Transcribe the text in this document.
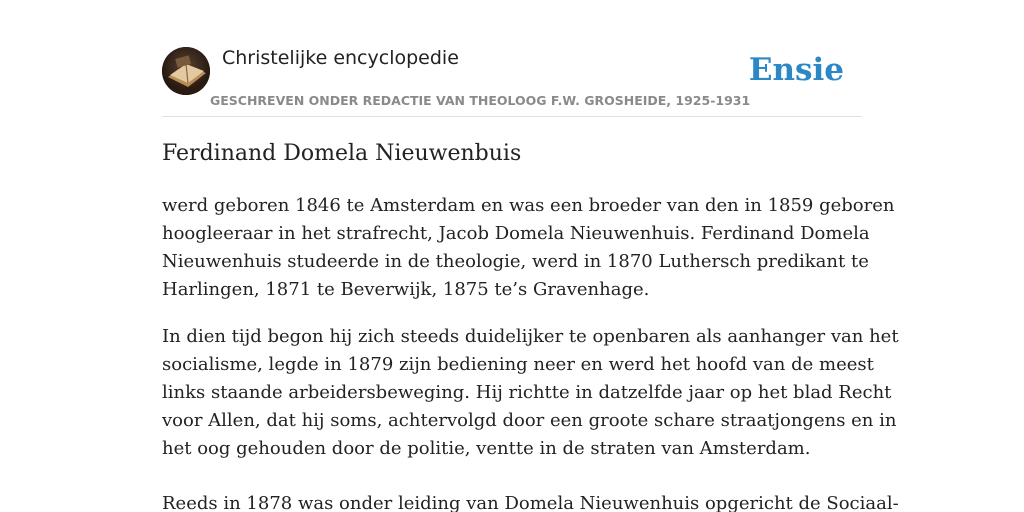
Christelijke encyclopedie
GESCHREVEN ONDER REDACTIE VAN THEOLOOG F.W. GROSHEIDE, 1925-1931
Ensie
Ferdinand Domela Nieuwenbuis

werd geboren 1846 te Amsterdam en was een broeder van den in 1859 geboren
hoogleeraar in het strafrecht, Jacob Domela Nieuwenhuis. Ferdinand Domela
Nieuwenhuis studeerde in de theologie, werd in 1870 Luthersch predikant te
Harlingen, 1871 te Beverwijk, 1875 te’s Gravenhage.

In dien tijd begon hij zich steeds duidelijker te openbaren als aanhanger van het
socialisme, legde in 1879 zijn bediening neer en werd het hoofd van de meest
links staande arbeidersbeweging. Hij richtte in datzelfde jaar op het blad Recht
voor Allen, dat hij soms, achtervolgd door een groote schare straatjongens en in
het oog gehouden door de politie, ventte in de straten van Amsterdam.

Reeds in 1878 was onder leiding van Domela Nieuwenhuis opgericht de Sociaal-
